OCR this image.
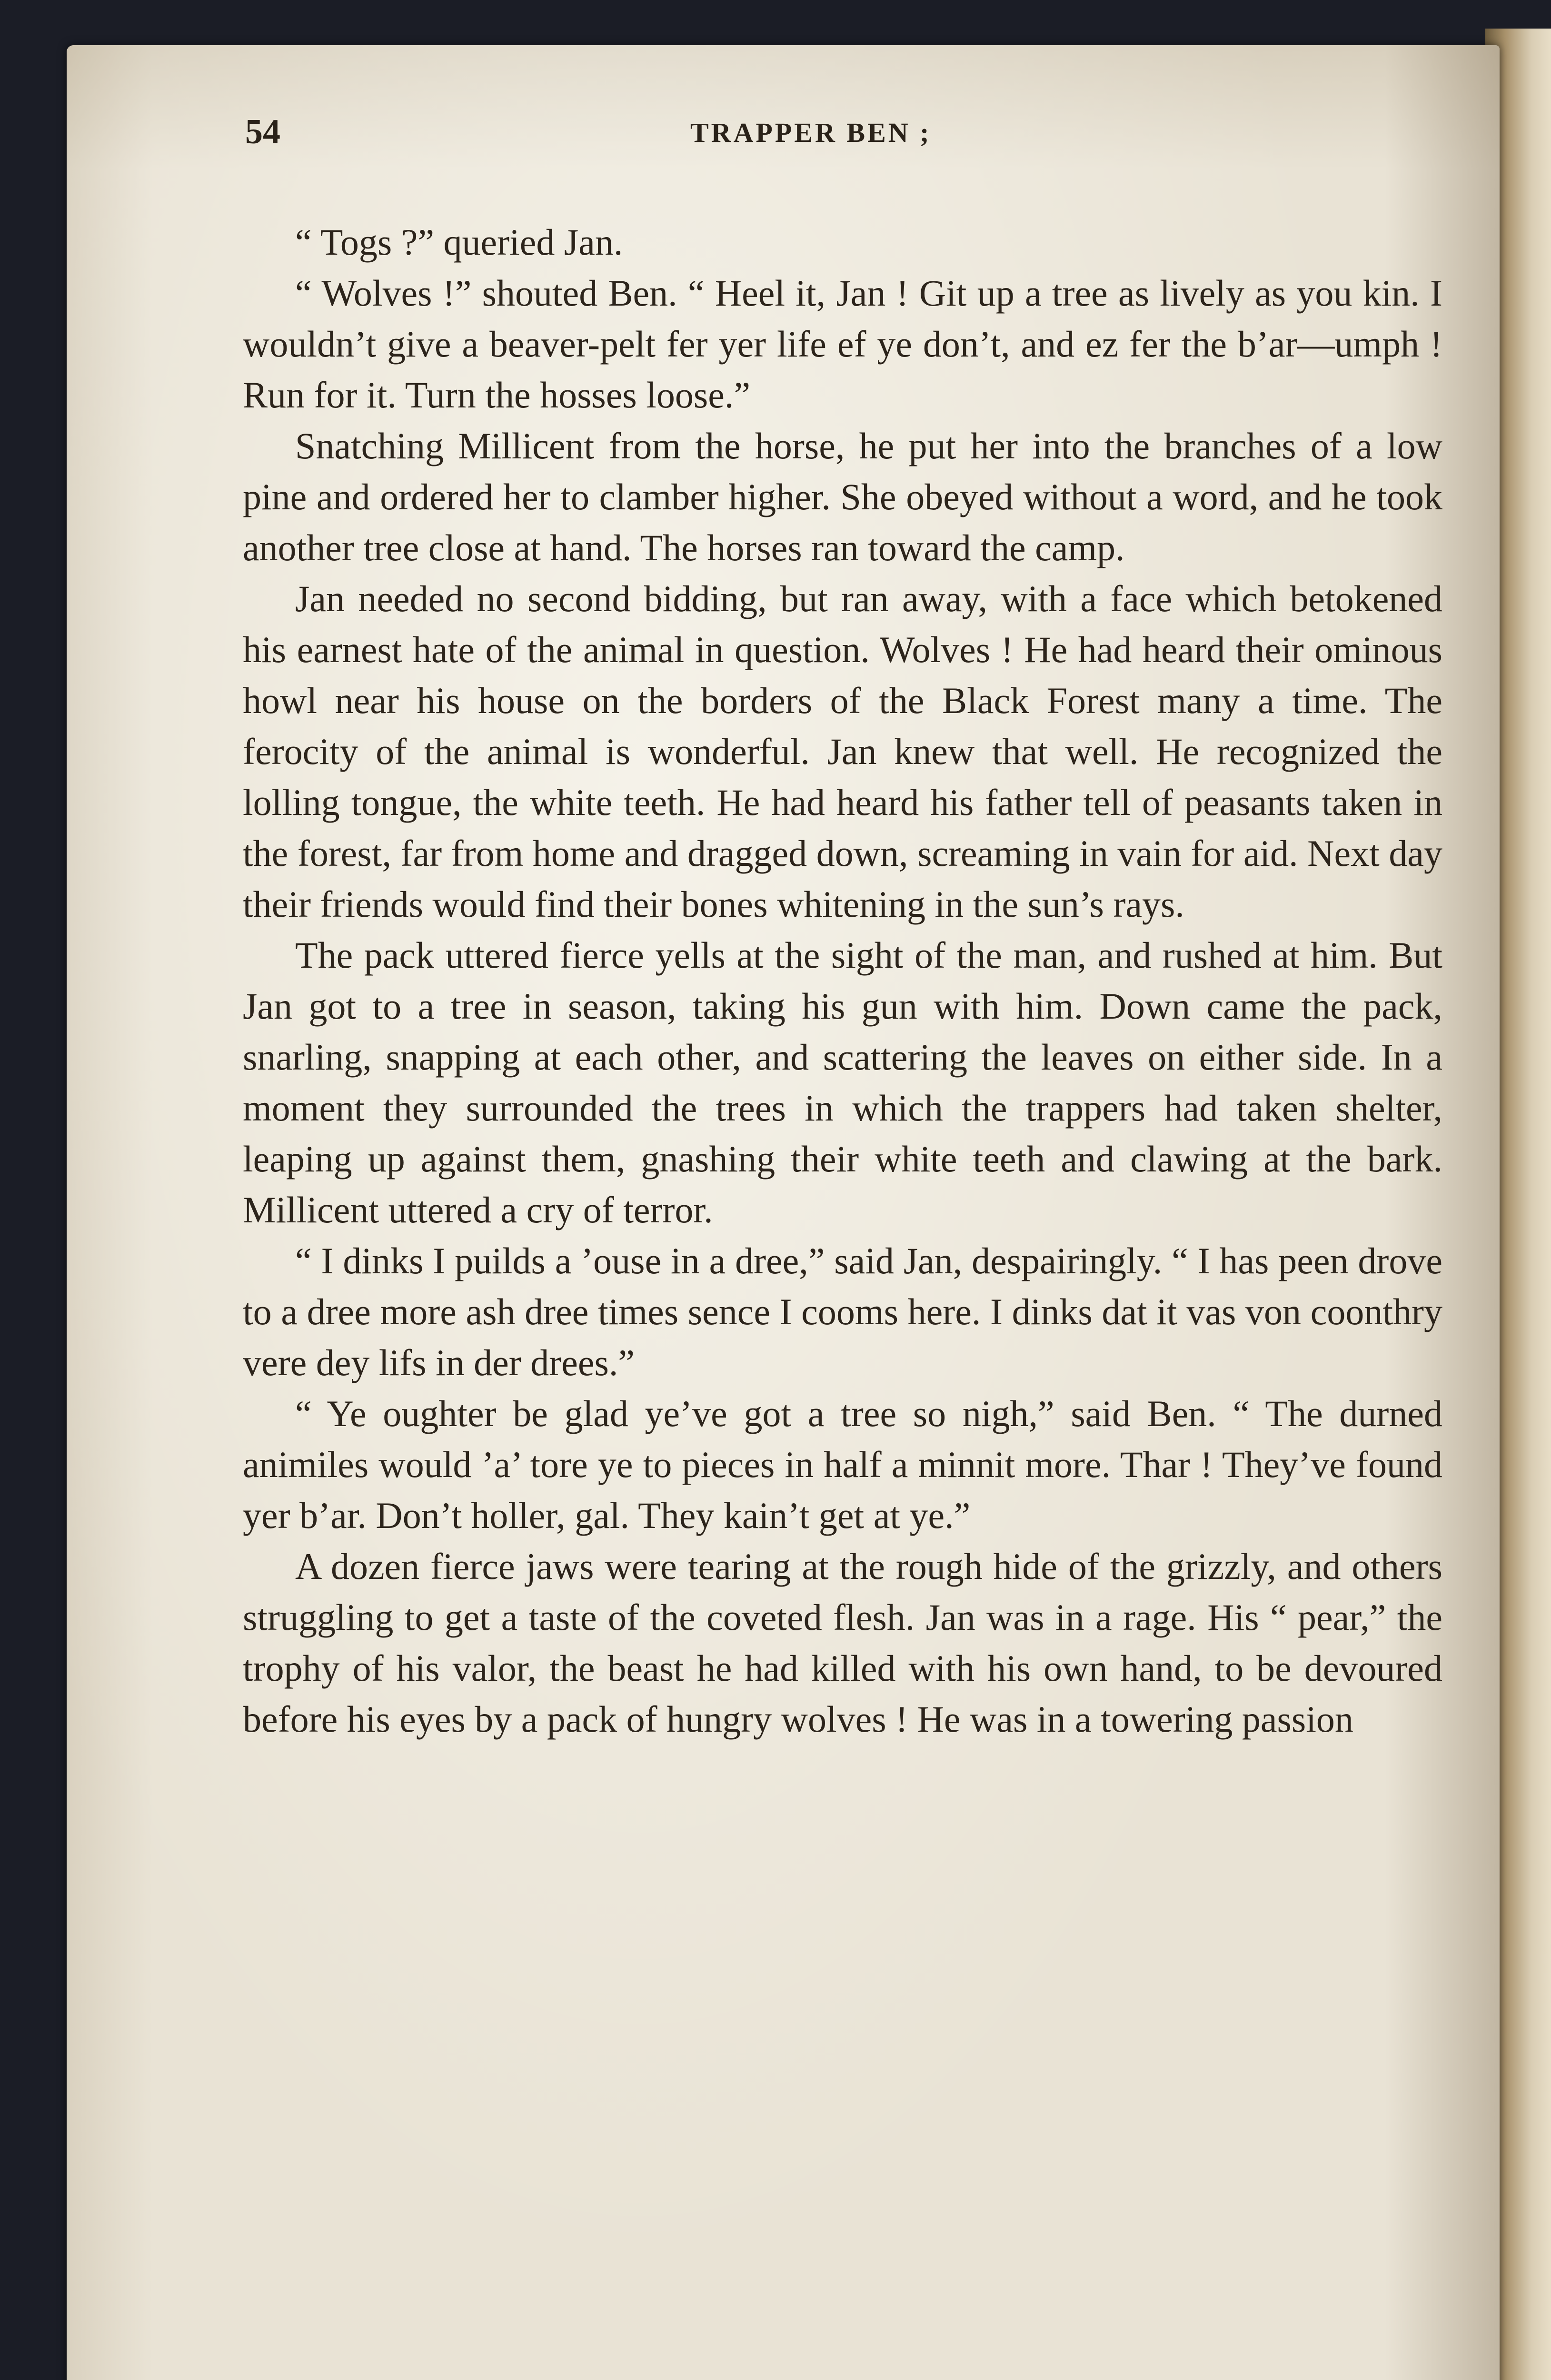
54	TRAPPER BEN ;

“ Togs ?” queried Jan.

“ Wolves !” shouted Ben. “ Heel it, Jan ! Git up a tree as lively as you kin. I wouldn’t give a beaver-pelt fer yer life ef ye don’t, and ez fer the b’ar—umph ! Run for it. Turn the hosses loose.”

Snatching Millicent from the horse, he put her into the branches of a low pine and ordered her to clamber higher. She obeyed without a word, and he took another tree close at hand. The horses ran toward the camp.

Jan needed no second bidding, but ran away, with a face which betokened his earnest hate of the animal in question. Wolves ! He had heard their ominous howl near his house on the borders of the Black Forest many a time. The ferocity of the animal is wonderful. Jan knew that well. He recognized the lolling tongue, the white teeth. He had heard his father tell of peasants taken in the forest, far from home and dragged down, screaming in vain for aid. Next day their friends would find their bones whitening in the sun’s rays.

The pack uttered fierce yells at the sight of the man, and rushed at him. But Jan got to a tree in season, taking his gun with him. Down came the pack, snarling, snapping at each other, and scattering the leaves on either side. In a moment they surrounded the trees in which the trappers had taken shelter, leaping up against them, gnashing their white teeth and clawing at the bark. Millicent uttered a cry of terror.

“ I dinks I puilds a ’ouse in a dree,” said Jan, despairingly. “ I has peen drove to a dree more ash dree times sence I cooms here. I dinks dat it vas von coonthry vere dey lifs in der drees.”

“ Ye oughter be glad ye’ve got a tree so nigh,” said Ben. “ The durned animiles would ’a’ tore ye to pieces in half a minnit more. Thar ! They’ve found yer b’ar. Don’t holler, gal. They kain’t get at ye.”

A dozen fierce jaws were tearing at the rough hide of the grizzly, and others struggling to get a taste of the coveted flesh. Jan was in a rage. His “ pear,” the trophy of his valor, the beast he had killed with his own hand, to be devoured before his eyes by a pack of hungry wolves ! He was in a towering passion
